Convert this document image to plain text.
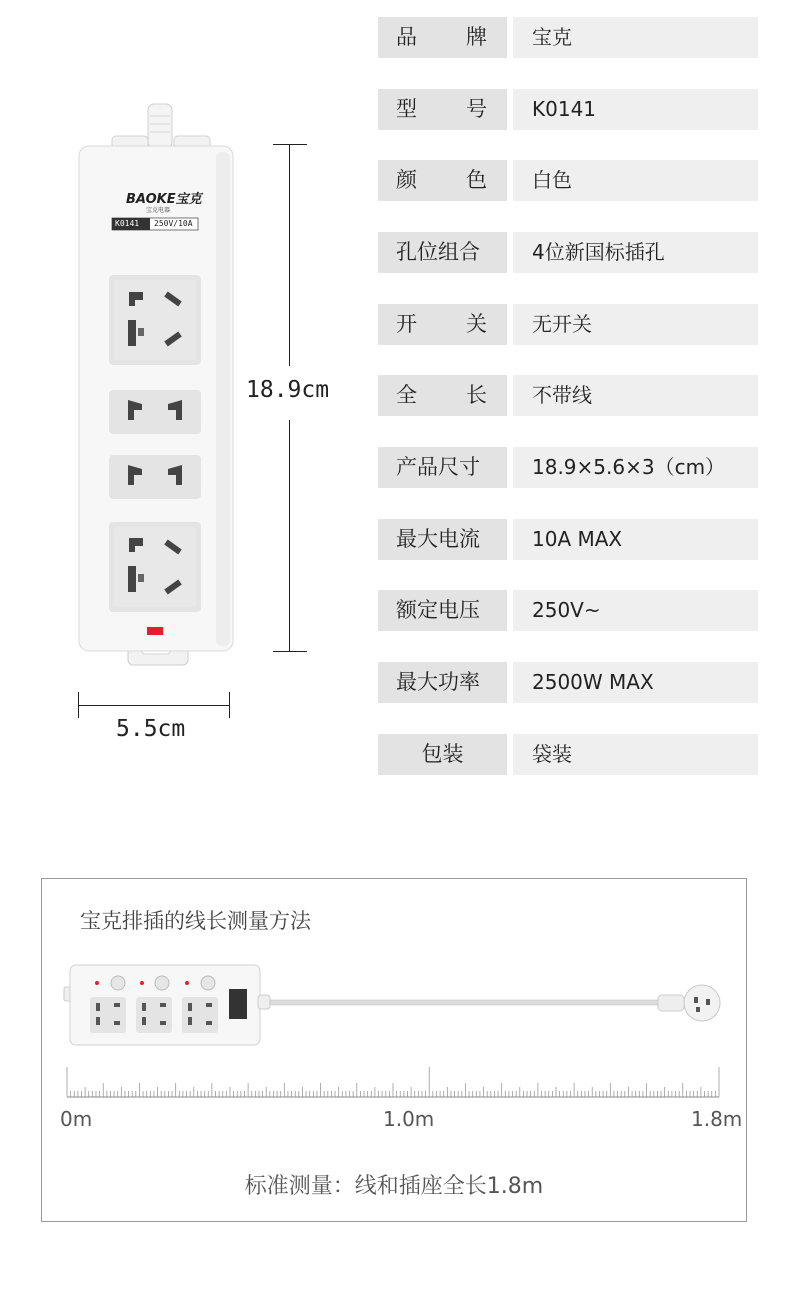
BAOKE宝克
宝克电器
K0141 250V/10A
18.9cm
5.5cm
品 牌	宝克
型 号	K0141
颜 色	白色
孔位组合	4位新国标插孔
开 关	无开关
全 长	不带线
产品尺寸	18.9×5.6×3（cm）
最大电流	10A MAX
额定电压	250V~
最大功率	2500W MAX
包装	袋装
宝克排插的线长测量方法
0m	1.0m	1.8m
标准测量：线和插座全长1.8m
